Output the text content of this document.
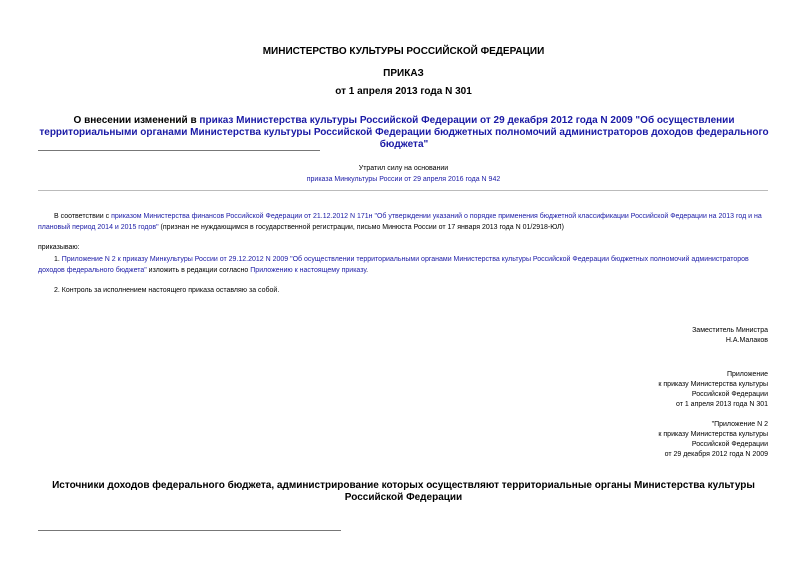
МИНИСТЕРСТВО КУЛЬТУРЫ РОССИЙСКОЙ ФЕДЕРАЦИИ
ПРИКАЗ
от 1 апреля 2013 года N 301
О внесении изменений в приказ Министерства культуры Российской Федерации от 29 декабря 2012 года N 2009 "Об осуществлении территориальными органами Министерства культуры Российской Федерации бюджетных полномочий администраторов доходов федерального бюджета"
Утратил силу на основании
приказа Минкультуры России от 29 апреля 2016 года N 942
В соответствии с приказом Министерства финансов Российской Федерации от 21.12.2012 N 171н "Об утверждении указаний о порядке применения бюджетной классификации Российской Федерации на 2013 год и на плановый период 2014 и 2015 годов" (признан не нуждающимся в государственной регистрации, письмо Минюста России от 17 января 2013 года N 01/2918-ЮЛ)
приказываю:
1. Приложение N 2 к приказу Минкультуры России от 29.12.2012 N 2009 "Об осуществлении территориальными органами Министерства культуры Российской Федерации бюджетных полномочий администраторов доходов федерального бюджета" изложить в редакции согласно Приложению к настоящему приказу.
2. Контроль за исполнением настоящего приказа оставляю за собой.
Заместитель Министра
Н.А.Малаков
Приложение
к приказу Министерства культуры
Российской Федерации
от 1 апреля 2013 года N 301
"Приложение N 2
к приказу Министерства культуры
Российской Федерации
от 29 декабря 2012 года N 2009
Источники доходов федерального бюджета, администрирование которых осуществляют территориальные органы Министерства культуры Российской Федерации
